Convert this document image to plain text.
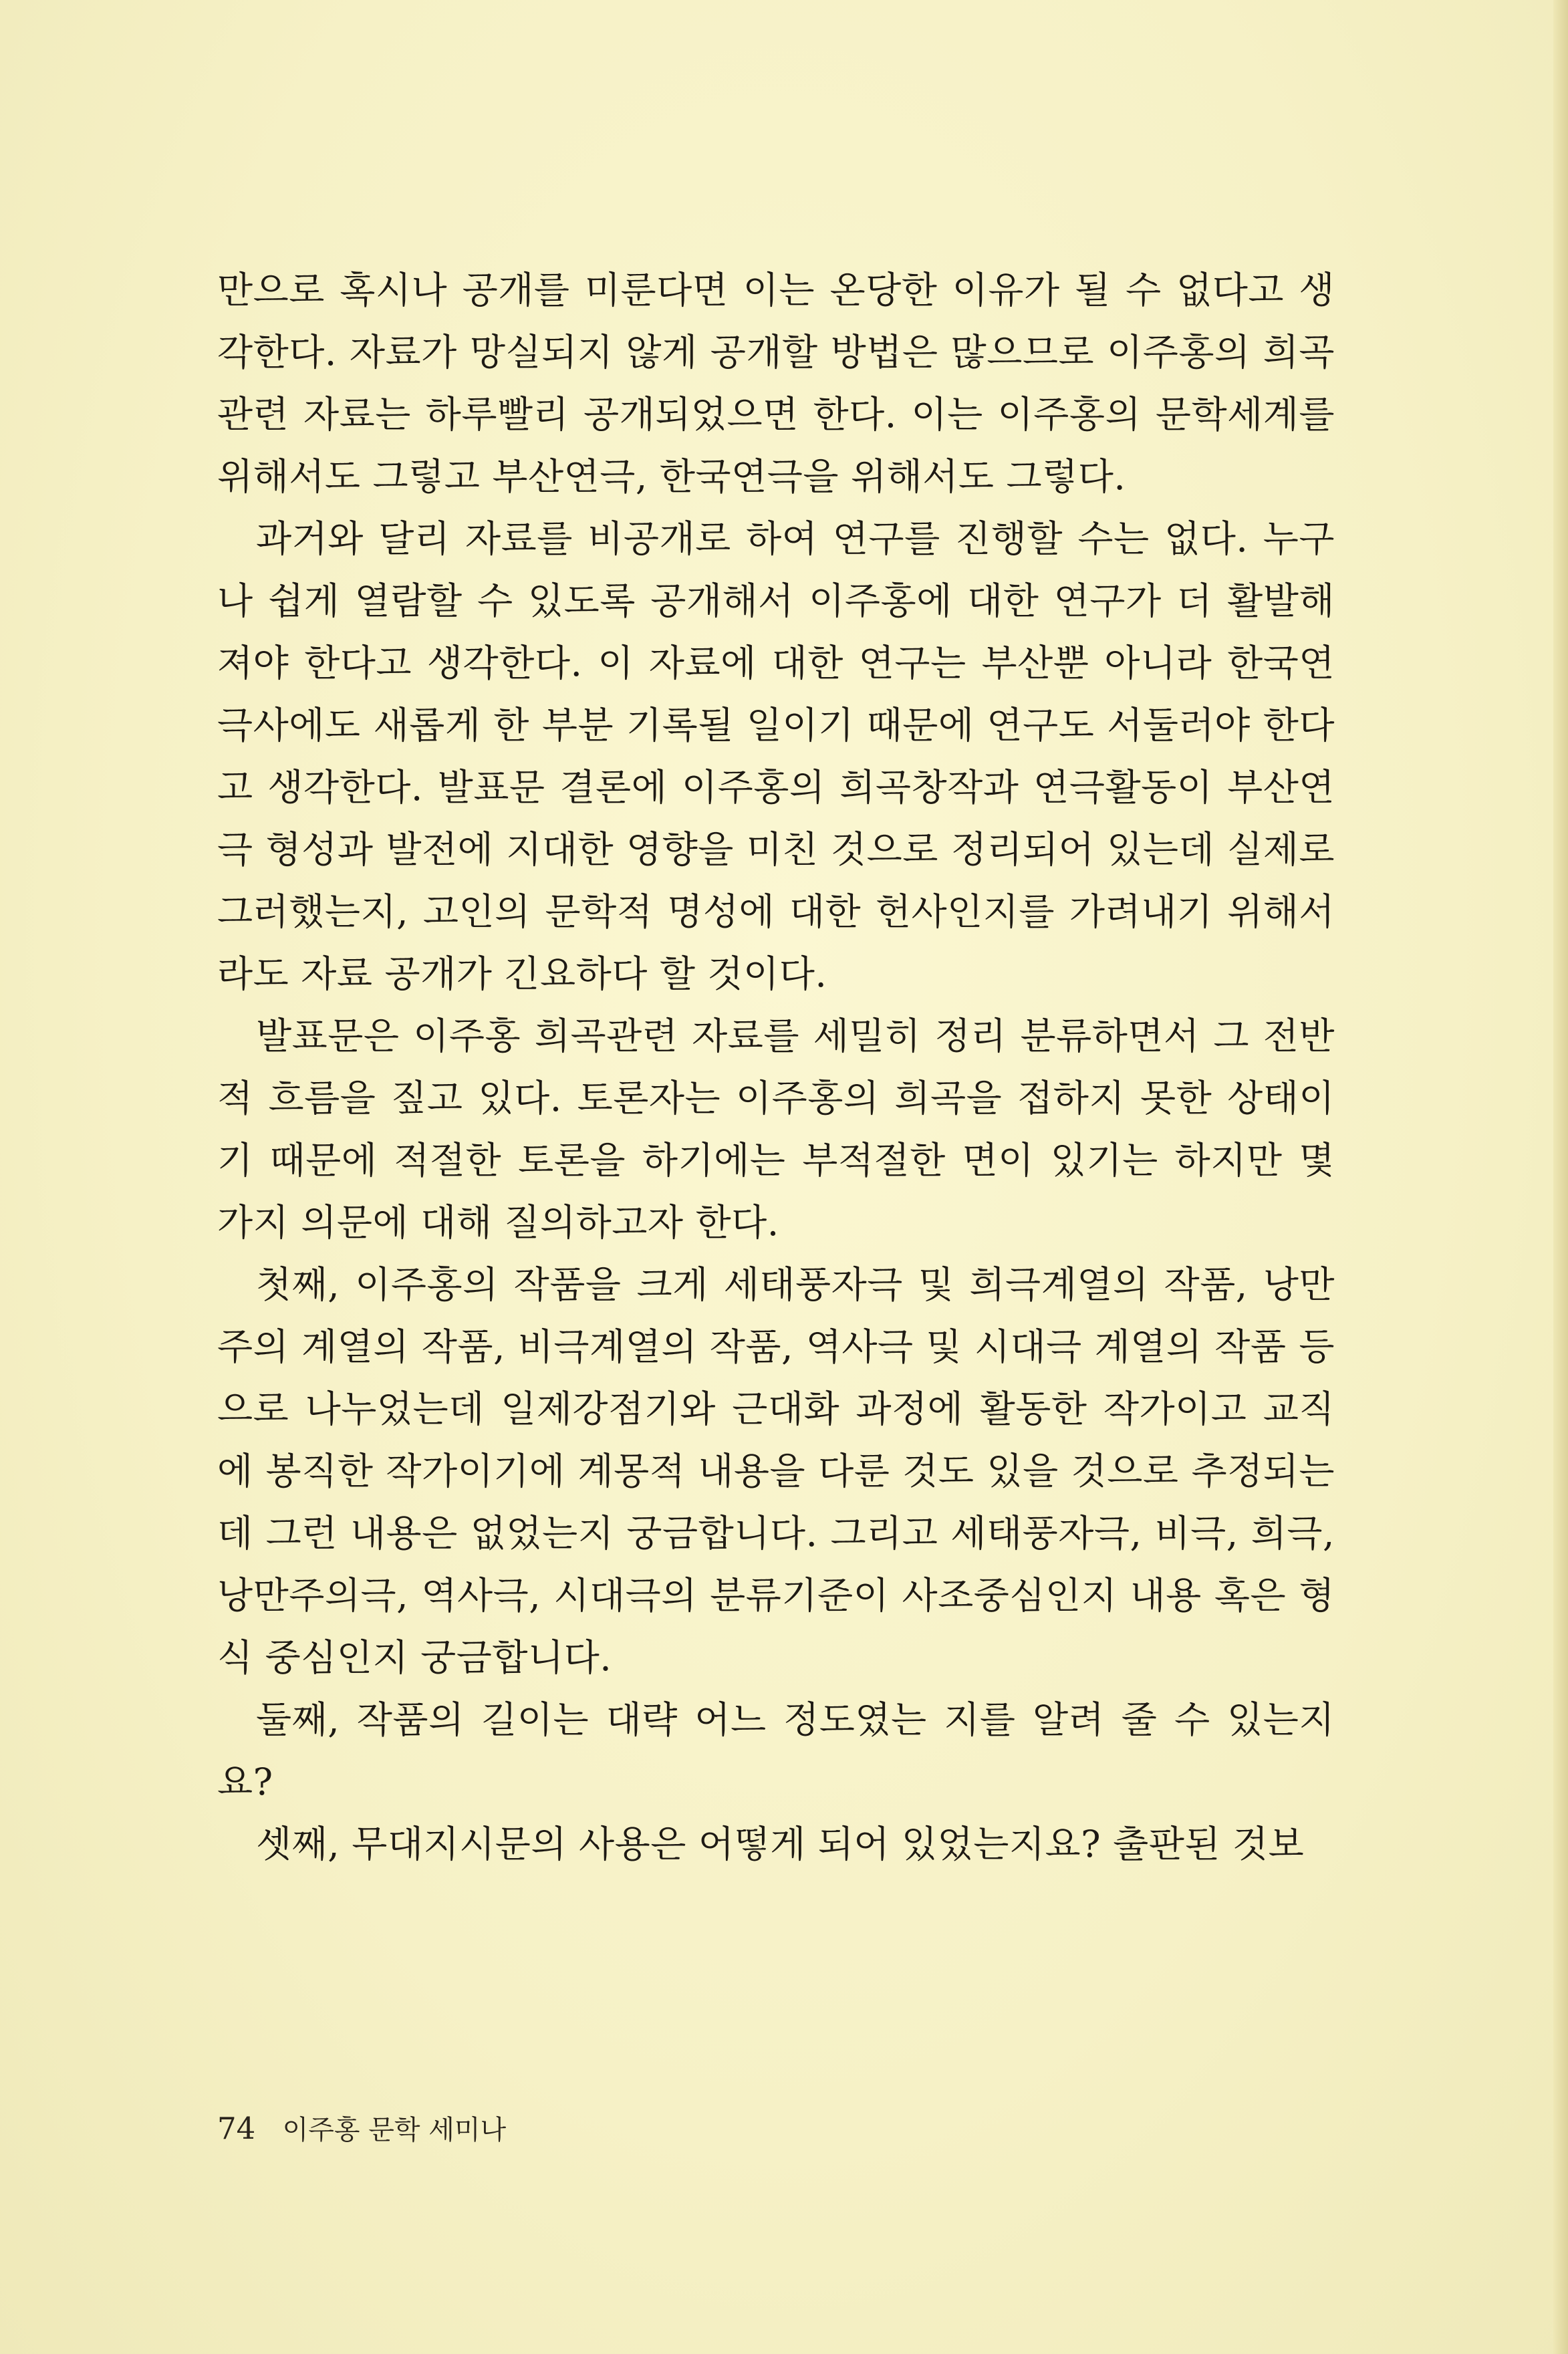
만으로 혹시나 공개를 미룬다면 이는 온당한 이유가 될 수 없다고 생각한다. 자료가 망실되지 않게 공개할 방법은 많으므로 이주홍의 희곡 관련 자료는 하루빨리 공개되었으면 한다. 이는 이주홍의 문학세계를 위해서도 그렇고 부산연극, 한국연극을 위해서도 그렇다.

과거와 달리 자료를 비공개로 하여 연구를 진행할 수는 없다. 누구나 쉽게 열람할 수 있도록 공개해서 이주홍에 대한 연구가 더 활발해져야 한다고 생각한다. 이 자료에 대한 연구는 부산뿐 아니라 한국연극사에도 새롭게 한 부분 기록될 일이기 때문에 연구도 서둘러야 한다고 생각한다. 발표문 결론에 이주홍의 희곡창작과 연극활동이 부산연극 형성과 발전에 지대한 영향을 미친 것으로 정리되어 있는데 실제로 그러했는지, 고인의 문학적 명성에 대한 헌사인지를 가려내기 위해서라도 자료 공개가 긴요하다 할 것이다.

발표문은 이주홍 희곡관련 자료를 세밀히 정리 분류하면서 그 전반적 흐름을 짚고 있다. 토론자는 이주홍의 희곡을 접하지 못한 상태이기 때문에 적절한 토론을 하기에는 부적절한 면이 있기는 하지만 몇 가지 의문에 대해 질의하고자 한다.

첫째, 이주홍의 작품을 크게 세태풍자극 및 희극계열의 작품, 낭만주의 계열의 작품, 비극계열의 작품, 역사극 및 시대극 계열의 작품 등으로 나누었는데 일제강점기와 근대화 과정에 활동한 작가이고 교직에 봉직한 작가이기에 계몽적 내용을 다룬 것도 있을 것으로 추정되는데 그런 내용은 없었는지 궁금합니다. 그리고 세태풍자극, 비극, 희극, 낭만주의극, 역사극, 시대극의 분류기준이 사조중심인지 내용 혹은 형식 중심인지 궁금합니다.

둘째, 작품의 길이는 대략 어느 정도였는 지를 알려 줄 수 있는지요?

셋째, 무대지시문의 사용은 어떻게 되어 있었는지요? 출판된 것보

74 이주홍 문학 세미나
